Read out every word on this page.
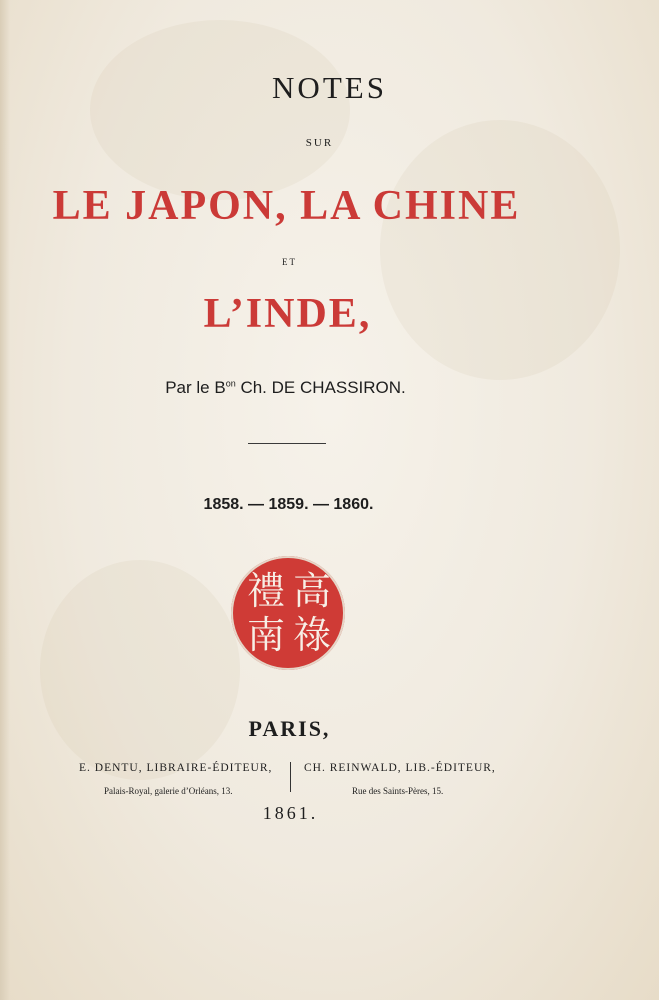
NOTES
SUR
LE JAPON, LA CHINE
ET
L’INDE,
Par le $B^{on}$ Ch. DE CHASSIRON.
1858. — 1859. — 1860.
禮
南
高
祿
PARIS,
E. DENTU, LIBRAIRE-ÉDITEUR,
Palais-Royal, galerie d’Orléans, 13.
CH. REINWALD, LIB.-ÉDITEUR,
Rue des Saints-Pères, 15.
1861.
